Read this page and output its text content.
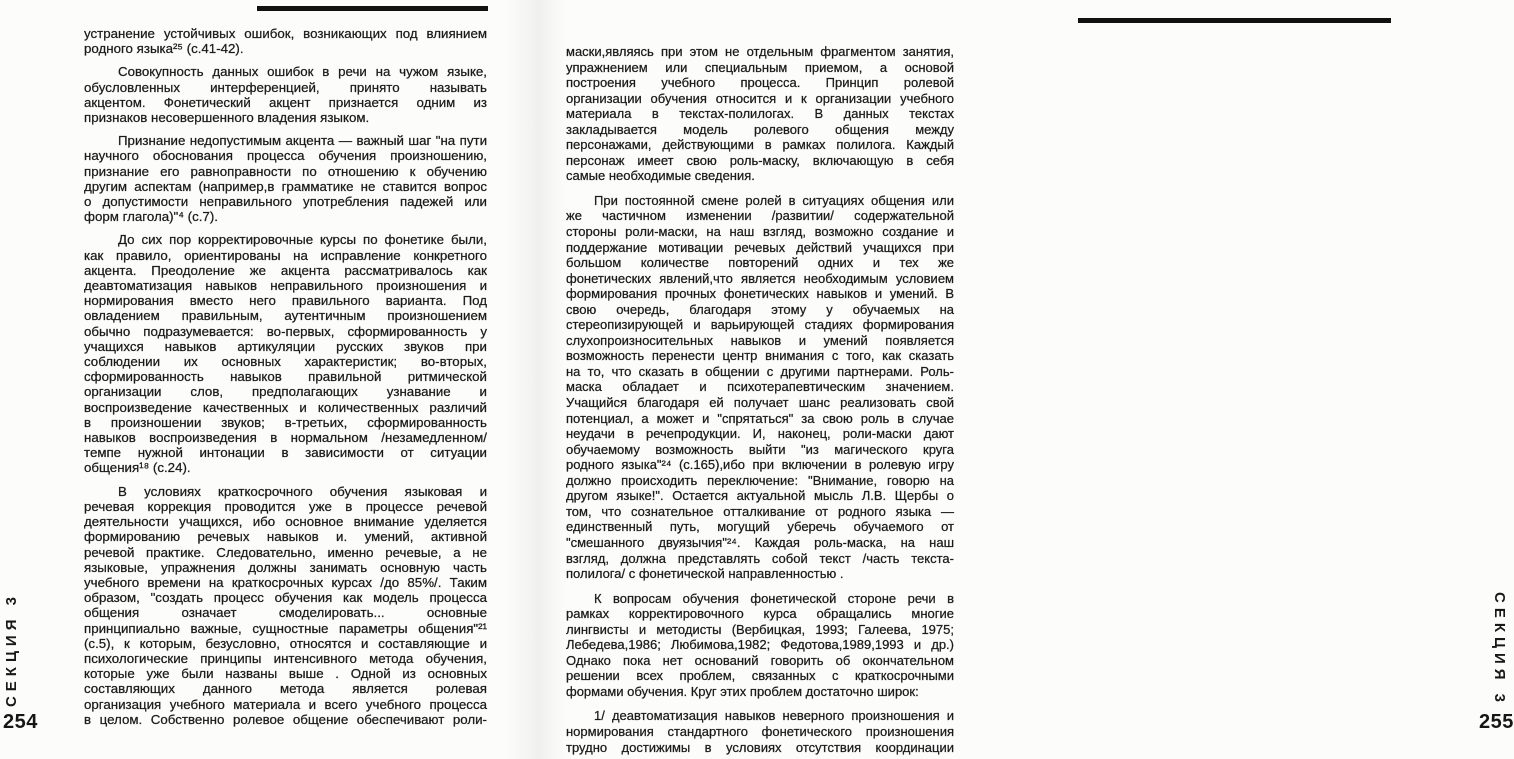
СЕКЦИЯ 3
254
СЕКЦИЯ 3
255
устранение устойчивых ошибок, возникающих под влиянием
родного языка²⁵ (с.41-42).
Совокупность данных ошибок в речи на чужом языке,
обусловленных интерференцией, принято называть
акцентом. Фонетический акцент признается одним из
признаков несовершенного владения языком.
Признание недопустимым акцента — важный шаг "на пути
научного обоснования процесса обучения произношению,
признание его равноправности по отношению к обучению
другим аспектам (например,в грамматике не ставится вопрос
о допустимости неправильного употребления падежей или
форм глагола)"⁴ (с.7).
До сих пор корректировочные курсы по фонетике были,
как правило, ориентированы на исправление конкретного
акцента. Преодоление же акцента рассматривалось как
деавтоматизация навыков неправильного произношения и
нормирования вместо него правильного варианта. Под
овладением правильным, аутентичным произношением
обычно подразумевается: во-первых, сформированность у
учащихся навыков артикуляции русских звуков при
соблюдении их основных характеристик; во-вторых,
сформированность навыков правильной ритмической
организации слов, предполагающих узнавание и
воспроизведение качественных и количественных различий
в произношении звуков; в-третьих, сформированность
навыков воспроизведения в нормальном /незамедленном/
темпе нужной интонации в зависимости от ситуации
общения¹⁸ (с.24).
В условиях краткосрочного обучения языковая и
речевая коррекция проводится уже в процессе речевой
деятельности учащихся, ибо основное внимание уделяется
формированию речевых навыков и. умений, активной
речевой практике. Следовательно, именно речевые, а не
языковые, упражнения должны занимать основную часть
учебного времени на краткосрочных курсах /до 85%/. Таким
образом, "создать процесс обучения как модель процесса
общения означает смоделировать... основные
принципиально важные, сущностные параметры общения"²¹
(с.5), к которым, безусловно, относятся и составляющие и
психологические принципы интенсивного метода обучения,
которые уже были названы выше . Одной из основных
составляющих данного метода является ролевая
организация учебного материала и всего учебного процесса
в целом. Собственно ролевое общение обеспечивают роли-
маски,являясь при этом не отдельным фрагментом занятия,
упражнением или специальным приемом, а основой
построения учебного процесса. Принцип ролевой
организации обучения относится и к организации учебного
материала в текстах-полилогах. В данных текстах
закладывается модель ролевого общения между
персонажами, действующими в рамках полилога. Каждый
персонаж имеет свою роль-маску, включающую в себя
самые необходимые сведения.
При постоянной смене ролей в ситуациях общения или
же частичном изменении /развитии/ содержательной
стороны роли-маски, на наш взгляд, возможно создание и
поддержание мотивации речевых действий учащихся при
большом количестве повторений одних и тех же
фонетических явлений,что является необходимым условием
формирования прочных фонетических навыков и умений. В
свою очередь, благодаря этому у обучаемых на
стереопизирующей и варьирующей стадиях формирования
слухопроизносительных навыков и умений появляется
возможность перенести центр внимания с того, как сказать
на то, что сказать в общении с другими партнерами. Роль-
маска обладает и психотерапевтическим значением.
Учащийся благодаря ей получает шанс реализовать свой
потенциал, а может и "спрятаться" за свою роль в случае
неудачи в речепродукции. И, наконец, роли-маски дают
обучаемому возможность выйти "из магического круга
родного языка"²⁴ (с.165),ибо при включении в ролевую игру
должно происходить переключение: "Внимание, говорю на
другом языке!". Остается актуальной мысль Л.В. Щербы о
том, что сознательное отталкивание от родного языка —
единственный путь, могущий уберечь обучаемого от
"смешанного двуязычия"²⁴. Каждая роль-маска, на наш
взгляд, должна представлять собой текст /часть текста-
полилога/ с фонетической направленностью .
К вопросам обучения фонетической стороне речи в
рамках корректировочного курса обращались многие
лингвисты и методисты (Вербицкая, 1993; Галеева, 1975;
Лебедева,1986; Любимова,1982; Федотова,1989,1993 и др.)
Однако пока нет оснований говорить об окончательном
решении всех проблем, связанных с краткосрочными
формами обучения. Круг этих проблем достаточно широк:
1/ деавтоматизация навыков неверного произношения и
нормирования стандартного фонетического произношения
трудно достижимы в условиях отсутствия координации
